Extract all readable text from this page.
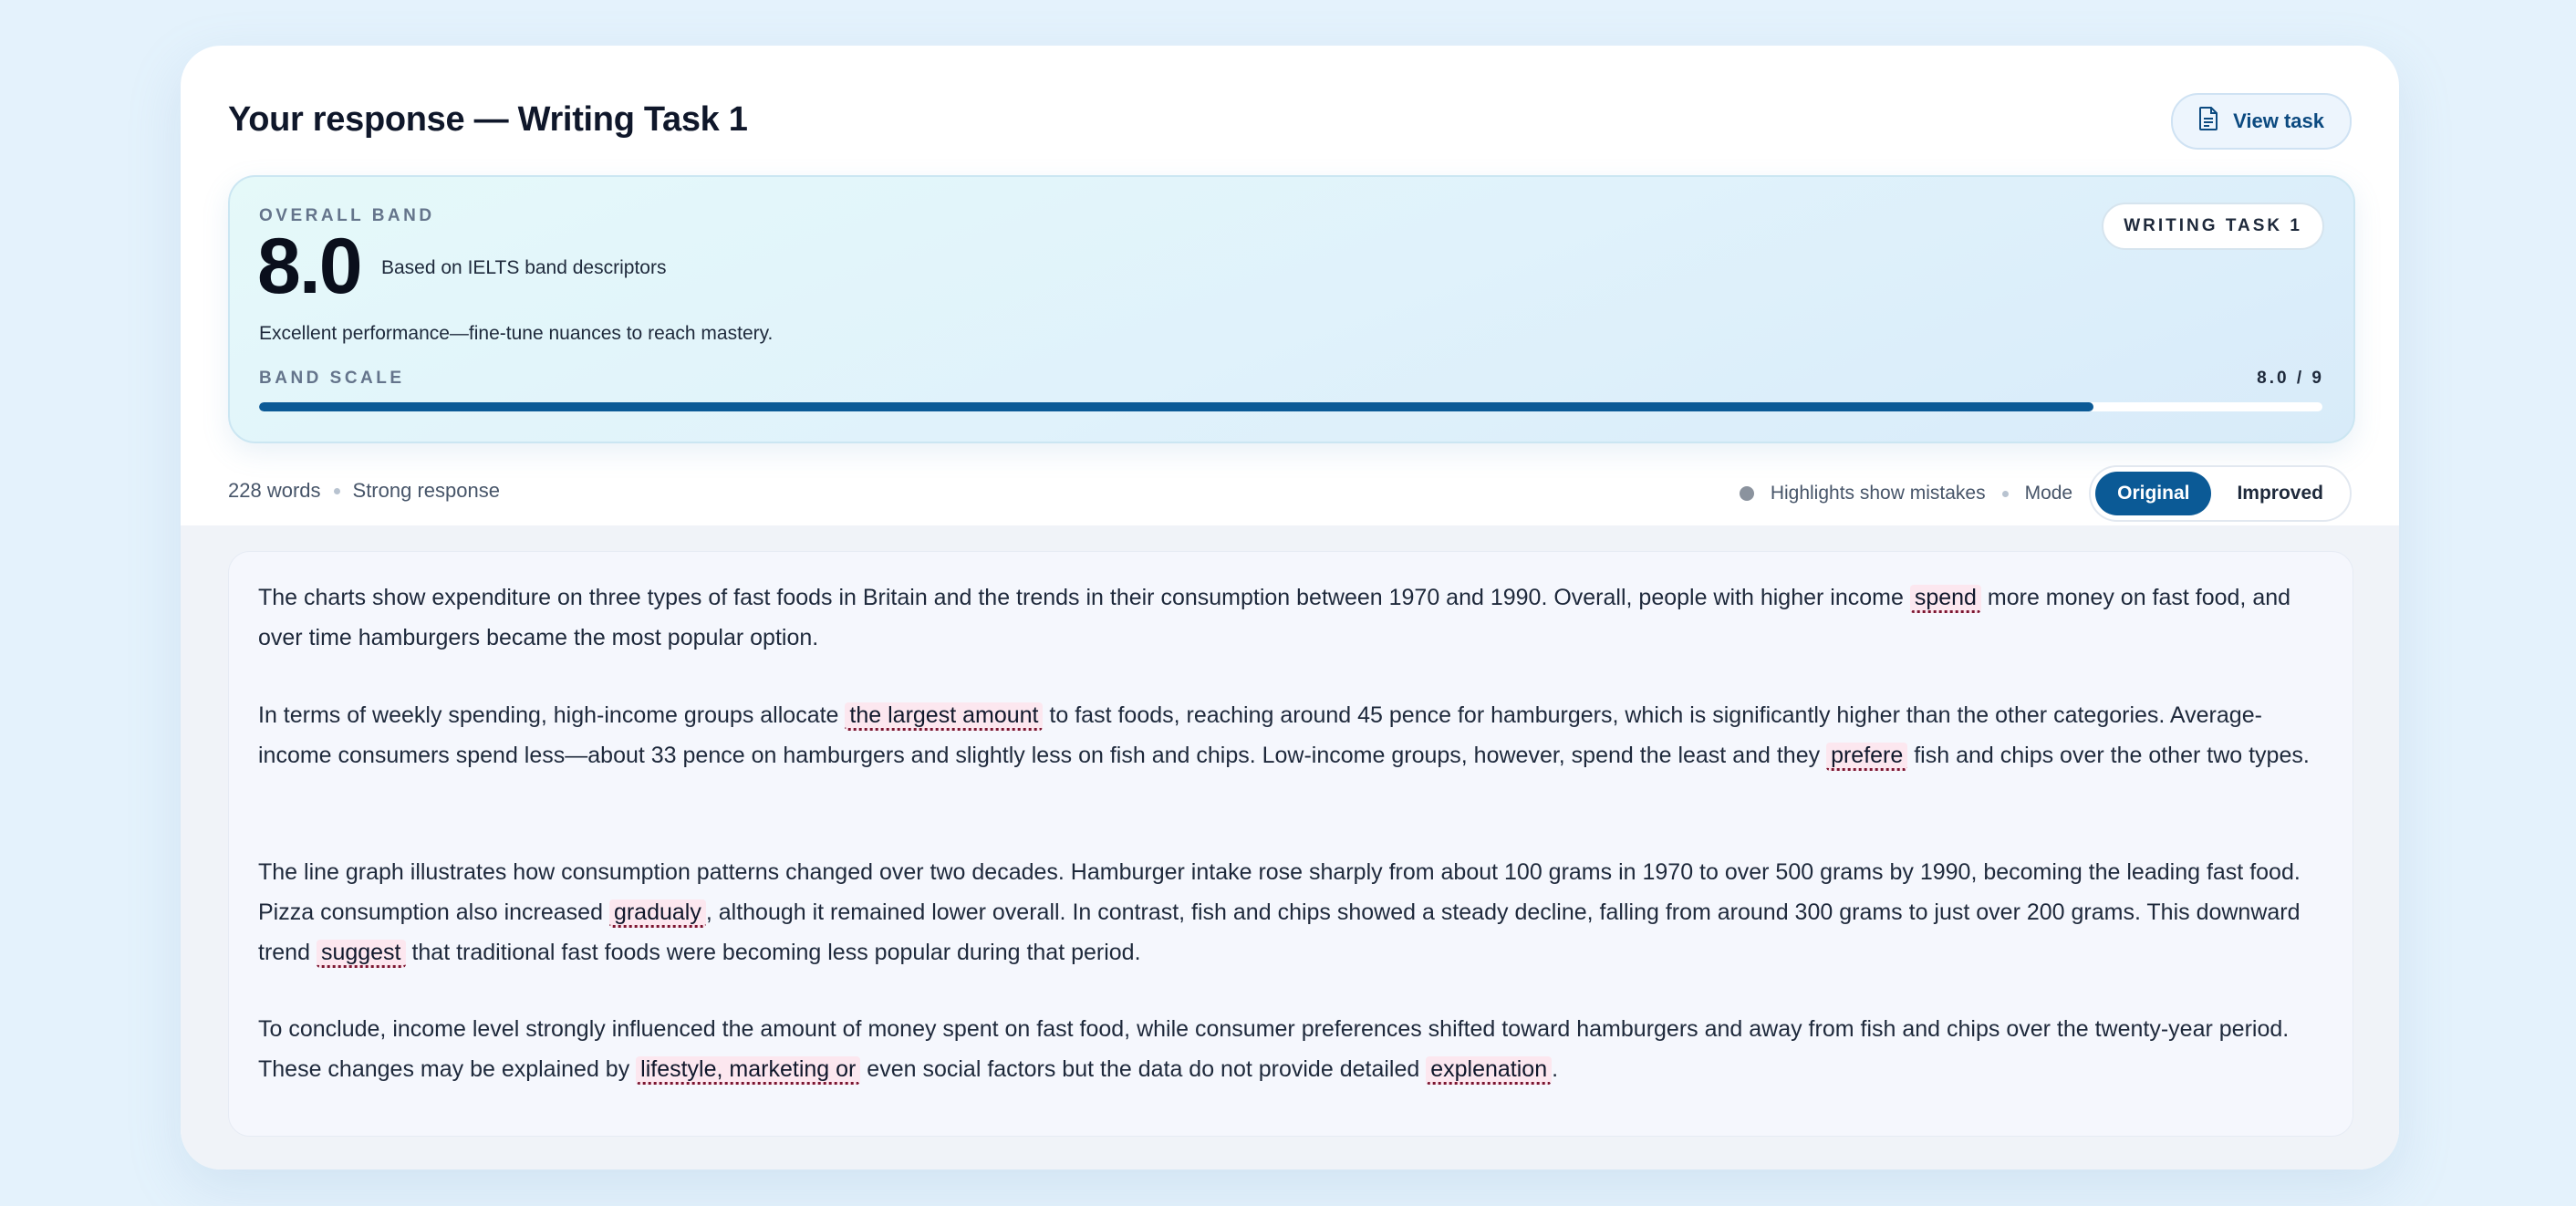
Your response — Writing Task 1	View task
OVERALL BAND
8.0 Based on IELTS band descriptors
WRITING TASK 1
Excellent performance—fine-tune nuances to reach mastery.
BAND SCALE	8.0 / 9
228 words Strong response	Highlights show mistakes Mode	Original	Improved

The charts show expenditure on three types of fast foods in Britain and the trends in their consumption between 1970 and 1990. Overall, people with higher income spend more money on fast food, and over time hamburgers became the most popular option.

In terms of weekly spending, high-income groups allocate the largest amount to fast foods, reaching around 45 pence for hamburgers, which is significantly higher than the other categories. Average-income consumers spend less—about 33 pence on hamburgers and slightly less on fish and chips. Low-income groups, however, spend the least and they prefere fish and chips over the other two types.

The line graph illustrates how consumption patterns changed over two decades. Hamburger intake rose sharply from about 100 grams in 1970 to over 500 grams by 1990, becoming the leading fast food. Pizza consumption also increased gradualy , although it remained lower overall. In contrast, fish and chips showed a steady decline, falling from around 300 grams to just over 200 grams. This downward trend suggest that traditional fast foods were becoming less popular during that period.

To conclude, income level strongly influenced the amount of money spent on fast food, while consumer preferences shifted toward hamburgers and away from fish and chips over the twenty-year period. These changes may be explained by lifestyle, marketing or even social factors but the data do not provide detailed explenation .
